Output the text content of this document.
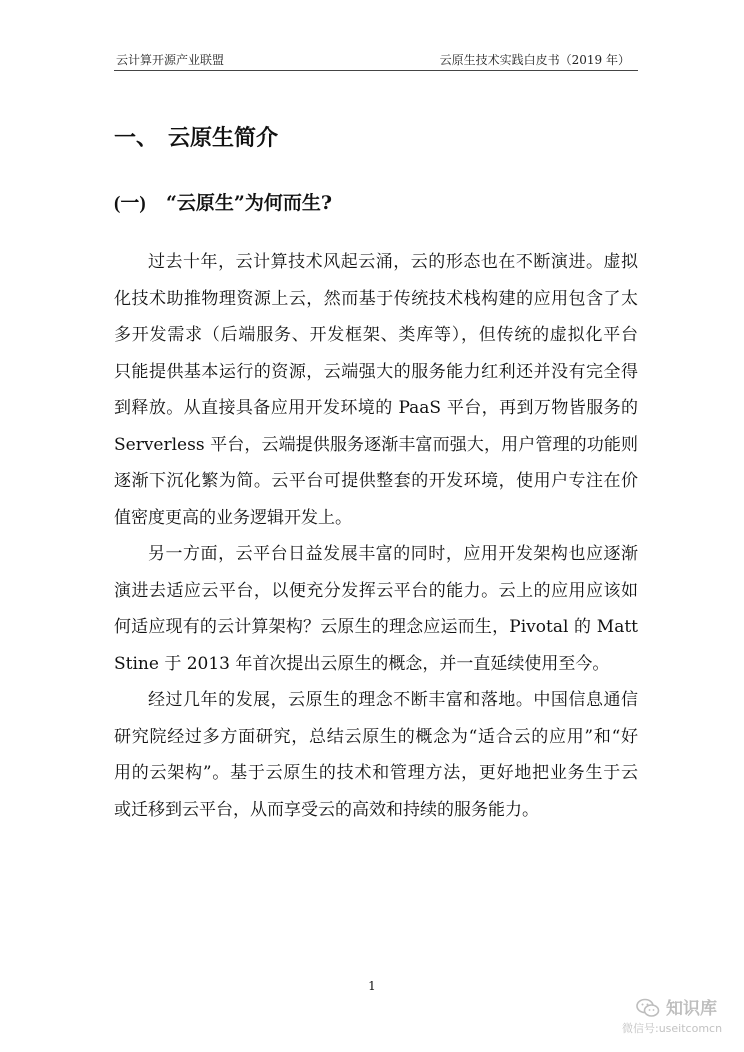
云计算开源产业联盟	云原生技术实践白皮书（2019 年）
一、 云原生简介
(一) “云原生”为何而生?
过去十年，云计算技术风起云涌，云的形态也在不断演进。虚拟
化技术助推物理资源上云，然而基于传统技术栈构建的应用包含了太
多开发需求（后端服务、开发框架、类库等），但传统的虚拟化平台
只能提供基本运行的资源，云端强大的服务能力红利还并没有完全得
到释放。从直接具备应用开发环境的 PaaS 平台，再到万物皆服务的
Serverless 平台，云端提供服务逐渐丰富而强大，用户管理的功能则
逐渐下沉化繁为简。云平台可提供整套的开发环境，使用户专注在价
值密度更高的业务逻辑开发上。
另一方面，云平台日益发展丰富的同时，应用开发架构也应逐渐
演进去适应云平台，以便充分发挥云平台的能力。云上的应用应该如
何适应现有的云计算架构？云原生的理念应运而生，Pivotal 的 Matt
Stine 于 2013 年首次提出云原生的概念，并一直延续使用至今。
经过几年的发展，云原生的理念不断丰富和落地。中国信息通信
研究院经过多方面研究，总结云原生的概念为“适合云的应用”和“好
用的云架构”。基于云原生的技术和管理方法，更好地把业务生于云
或迁移到云平台，从而享受云的高效和持续的服务能力。
1
知识库
微信号:useitcomcn
